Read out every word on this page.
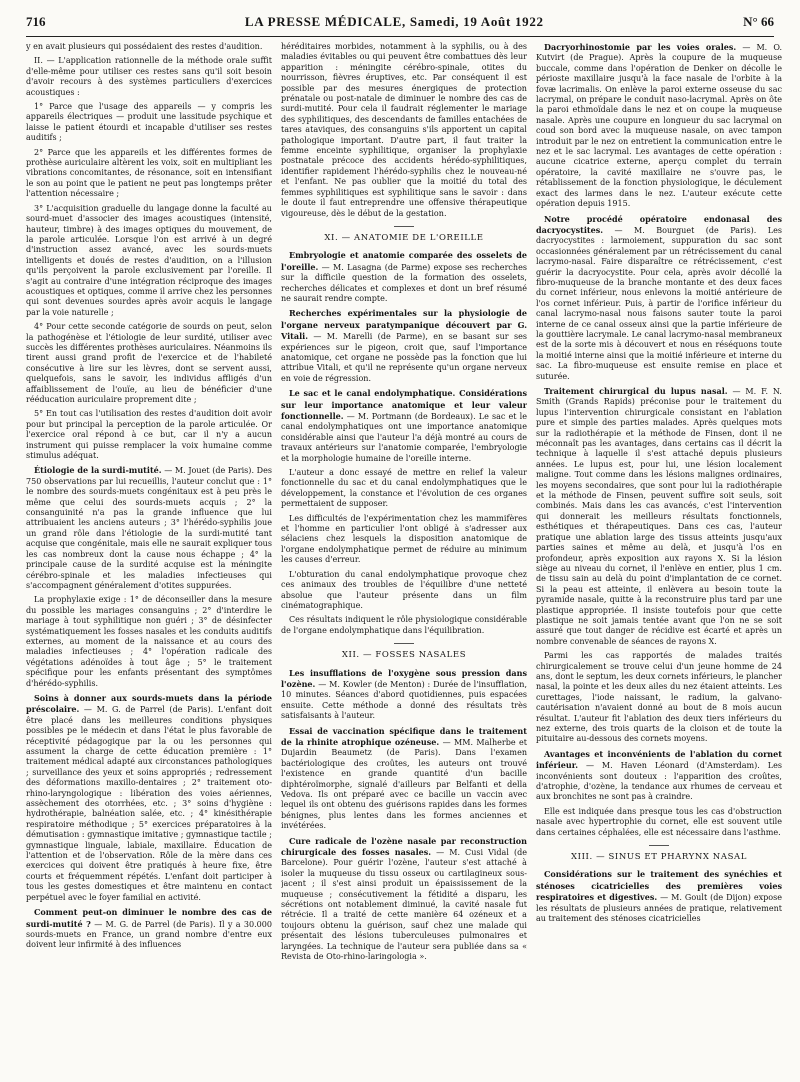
716	LA PRESSE MÉDICALE, Samedi, 19 Août 1922	N° 66

y en avait plusieurs qui possédaient des restes d'audition.

II. — L'application rationnelle de la méthode orale suffit d'elle-même pour utiliser ces restes sans qu'il soit besoin d'avoir recours à des systèmes particuliers d'exercices acoustiques :

1° Parce que l'usage des appareils — y compris les appareils électriques — produit une lassitude psychique et laisse le patient étourdi et incapable d'utiliser ses restes auditifs ;

2° Parce que les appareils et les différentes formes de prothèse auriculaire altèrent les voix, soit en multipliant les vibrations concomitantes, de résonance, soit en intensifiant le son au point que le patient ne peut pas longtemps prêter l'attention nécessaire ;

3° L'acquisition graduelle du langage donne la faculté au sourd-muet d'associer des images acoustiques (intensité, hauteur, timbre) à des images optiques du mouvement, de la parole articulée. Lorsque l'on est arrivé à un degré d'instruction assez avancé, avec les sourds-muets intelligents et doués de restes d'audition, on a l'illusion qu'ils perçoivent la parole exclusivement par l'oreille. Il s'agit au contraire d'une intégration réciproque des images acoustiques et optiques, comme il arrive chez les personnes qui sont devenues sourdes après avoir acquis le langage par la voie naturelle ;

4° Pour cette seconde catégorie de sourds on peut, selon la pathogénèse et l'étiologie de leur surdité, utiliser avec succès les différentes prothèses auriculaires. Néanmoins ils tirent aussi grand profit de l'exercice et de l'habileté consécutive à lire sur les lèvres, dont se servent aussi, quelquefois, sans le savoir, les individus affligés d'un affaiblissement de l'ouïe, au lieu de bénéficier d'une rééducation auriculaire proprement dite ;

5° En tout cas l'utilisation des restes d'audition doit avoir pour but principal la perception de la parole articulée. Or l'exercice oral répond à ce but, car il n'y a aucun instrument qui puisse remplacer la voix humaine comme stimulus adéquat.

Étiologie de la surdi-mutité. — M. Jouet (de Paris). Des 750 observations par lui recueillis, l'auteur conclut que : 1° le nombre des sourds-muets congénitaux est à peu près le même que celui des sourds-muets acquis ; 2° la consanguinité n'a pas la grande influence que lui attribuaient les anciens auteurs ; 3° l'hérédo-syphilis joue un grand rôle dans l'étiologie de la surdi-mutité tant acquise que congénitale, mais elle ne saurait expliquer tous les cas nombreux dont la cause nous échappe ; 4° la principale cause de la surdité acquise est la méningite cérébro-spinale et les maladies infectieuses qui s'accompagnent généralement d'otites suppurées.

La prophylaxie exige : 1° de déconseiller dans la mesure du possible les mariages consanguins ; 2° d'interdire le mariage à tout syphilitique non guéri ; 3° de désinfecter systématiquement les fosses nasales et les conduits auditifs externes, au moment de la naissance et au cours des maladies infectieuses ; 4° l'opération radicale des végétations adénoïdes à tout âge ; 5° le traitement spécifique pour les enfants présentant des symptômes d'hérédo-syphilis.

Soins à donner aux sourds-muets dans la période préscolaire. — M. G. de Parrel (de Paris). L'enfant doit être placé dans les meilleures conditions physiques possibles pe le médecin et dans l'état le plus favorable de réceptivité pédagogique par la ou les personnes qui assument la charge de cette éducation première : 1° traitement médical adapté aux circonstances pathologiques ; surveillance des yeux et soins appropriés ; redressement des déformations maxillo-dentaires ; 2° traitement oto-rhino-laryngologique : libération des voies aériennes, assèchement des otorrhées, etc. ; 3° soins d'hygiène : hydrothérapie, balnéation salée, etc. ; 4° kinésithérapie respiratoire méthodique ; 5° exercices préparatoires à la démutisation : gymnastique imitative ; gymnastique tactile ; gymnastique linguale, labiale, maxillaire. Éducation de l'attention et de l'observation. Rôle de la mère dans ces exercices qui doivent être pratiqués à heure fixe, être courts et fréquemment répétés. L'enfant doit participer à tous les gestes domestiques et être maintenu en contact perpétuel avec le foyer familial en activité.

Comment peut-on diminuer le nombre des cas de surdi-mutité ? — M. G. de Parrel (de Paris). Il y a 30.000 sourds-muets en France, un grand nombre d'entre eux doivent leur infirmité à des influences

héréditaires morbides, notamment à la syphilis, ou à des maladies évitables ou qui peuvent être combattues dès leur apparition : méningite cérébro-spinale, otites du nourrisson, fièvres éruptives, etc. Par conséquent il est possible par des mesures énergiques de protection prénatale ou post-natale de diminuer le nombre des cas de surdi-mutité. Pour cela il faudrait réglementer le mariage des syphilitiques, des descendants de familles entachées de tares ataviques, des consanguins s'ils apportent un capital pathologique important. D'autre part, il faut traiter la femme enceinte syphilitique, organiser la prophylaxie postnatale précoce des accidents hérédo-syphilitiques, identifier rapidement l'hérédo-syphilis chez le nouveau-né et l'enfant. Ne pas oublier que la moitié du total des femmes syphilitiques est syphilitique sans le savoir : dans le doute il faut entreprendre une offensive thérapeutique vigoureuse, dès le début de la gestation.

XI. — ANATOMIE DE L'OREILLE

Embryologie et anatomie comparée des osselets de l'oreille. — M. Lasagna (de Parme) expose ses recherches sur la difficile question de la formation des osselets, recherches délicates et complexes et dont un bref résumé ne saurait rendre compte.

Recherches expérimentales sur la physiologie de l'organe nerveux paratympanique découvert par G. Vitali. — M. Marelli (de Parme), en se basant sur ses expériences sur le pigeon, croit que, sauf l'importance anatomique, cet organe ne possède pas la fonction que lui attribue Vitali, et qu'il ne représente qu'un organe nerveux en voie de régression.

Le sac et le canal endolymphatique. Considérations sur leur importance anatomique et leur valeur fonctionnelle. — M. Portmann (de Bordeaux). Le sac et le canal endolymphatiques ont une importance anatomique considérable ainsi que l'auteur l'a déjà montré au cours de travaux antérieurs sur l'anatomie comparée, l'embryologie et la morphologie humaine de l'oreille interne.

L'auteur a donc essayé de mettre en relief la valeur fonctionnelle du sac et du canal endolymphatiques que le développement, la constance et l'évolution de ces organes permettaient de supposer.

Les difficultés de l'expérimentation chez les mammifères et l'homme en particulier l'ont obligé à s'adresser aux sélaciens chez lesquels la disposition anatomique de l'organe endolymphatique permet de réduire au minimum les causes d'erreur.

L'obturation du canal endolymphatique provoque chez ces animaux des troubles de l'équilibre d'une netteté absolue que l'auteur présente dans un film cinématographique.

Ces résultats indiquent le rôle physiologique considérable de l'organe endolymphatique dans l'équilibration.

XII. — FOSSES NASALES

Les insufflations de l'oxygène sous pression dans l'ozène. — M. Kowler (de Menton) : Durée de l'insufflation, 10 minutes. Séances d'abord quotidiennes, puis espacées ensuite. Cette méthode a donné des résultats très satisfaisants à l'auteur.

Essai de vaccination spécifique dans le traitement de la rhinite atrophique ozéneuse. — MM. Malherbe et Dujardin Beaumetz (de Paris). Dans l'examen bactériologique des croûtes, les auteurs ont trouvé l'existence en grande quantité d'un bacille diphtéroïmorphe, signalé d'ailleurs par Belfanti et della Vedova. Ils ont préparé avec ce bacille un vaccin avec lequel ils ont obtenu des guérisons rapides dans les formes bénignes, plus lentes dans les formes anciennes et invétérées.

Cure radicale de l'ozène nasale par reconstruction chirurgicale des fosses nasales. — M. Cusi Vidal (de Barcelone). Pour guérir l'ozène, l'auteur s'est attaché à isoler la muqueuse du tissu osseux ou cartilagineux sous-jacent ; il s'est ainsi produit un épaississement de la muqueuse ; consécutivement la fétidité a disparu, les sécrétions ont notablement diminué, la cavité nasale fut rétrécie. Il a traité de cette manière 64 ozéneux et a toujours obtenu la guérison, sauf chez une malade qui présentait des lésions tuberculeuses pulmonaires et laryngées. La technique de l'auteur sera publiée dans sa « Revista de Oto-rhino-laringologia ».

Dacryorhinostomie par les voies orales. — M. O. Kutvirt (de Prague). Après la coupure de la muqueuse buccale, comme dans l'opération de Denker on décolle le périoste maxillaire jusqu'à la face nasale de l'orbite à la fovæ lacrimalis. On enlève la paroi externe osseuse du sac lacrymal, on prépare le conduit naso-lacrymal. Après on ôte la paroi ethmoïdale dans le nez et on coupe la muqueuse nasale. Après une coupure en longueur du sac lacrymal on coud son bord avec la muqueuse nasale, on avec tampon introduit par le nez on entretient la communication entre le nez et le sac lacrymal. Les avantages de cette opération : aucune cicatrice externe, aperçu complet du terrain opératoire, la cavité maxillaire ne s'ouvre pas, le rétablissement de la fonction physiologique, le déculement exact des larmes dans le nez. L'auteur exécute cette opération depuis 1915.

Notre procédé opératoire endonasal des dacryocystites. — M. Bourguet (de Paris). Les dacryocystites : larmoiement, suppuration du sac sont occasionnées généralement par un rétrécissement du canal lacrymo-nasal. Faire disparaître ce rétrécissement, c'est guérir la dacryocystite. Pour cela, après avoir décollé la fibro-muqueuse de la branche montante et des deux faces du cornet inférieur, nous enlevons la moitié antérieure de l'os cornet inférieur. Puis, à partir de l'orifice inférieur du canal lacrymo-nasal nous faisons sauter toute la paroi interne de ce canal osseux ainsi que la partie inférieure de la gouttière lacrymale. Le canal lacrymo-nasal membraneux est de la sorte mis à découvert et nous en réséquons toute la moitié interne ainsi que la moitié inférieure et interne du sac. La fibro-muqueuse est ensuite remise en place et suturée.

Traitement chirurgical du lupus nasal. — M. F. N. Smith (Grands Rapids) préconise pour le traitement du lupus l'intervention chirurgicale consistant en l'ablation pure et simple des parties malades. Après quelques mots sur la radiothérapie et la méthode de Finsen, dont il ne méconnaît pas les avantages, dans certains cas il décrit la technique à laquelle il s'est attaché depuis plusieurs années. Le lupus est, pour lui, une lésion localement maligne. Tout comme dans les lésions malignes ordinaires, les moyens secondaires, que sont pour lui la radiothérapie et la méthode de Finsen, peuvent suffire soit seuls, soit combinés. Mais dans les cas avancés, c'est l'intervention qui donnerait les meilleurs résultats fonctionnels, esthétiques et thérapeutiques. Dans ces cas, l'auteur pratique une ablation large des tissus atteints jusqu'aux parties saines et même au delà, et jusqu'à l'os en profondeur, après exposition aux rayons X. Si la lésion siège au niveau du cornet, il l'enlève en entier, plus 1 cm. de tissu sain au delà du point d'implantation de ce cornet. Si la peau est atteinte, il enlèvera au besoin toute la pyramide nasale, quitte à la reconstruire plus tard par une plastique appropriée. Il insiste toutefois pour que cette plastique ne soit jamais tentée avant que l'on ne se soit assuré que tout danger de récidive est écarté et après un nombre convenable de séances de rayons X.

Parmi les cas rapportés de malades traités chirurgicalement se trouve celui d'un jeune homme de 24 ans, dont le septum, les deux cornets inférieurs, le plancher nasal, la pointe et les deux ailes du nez étaient atteints. Les curettages, l'iode naissant, le radium, la galvano-cautérisation n'avaient donné au bout de 8 mois aucun résultat. L'auteur fit l'ablation des deux tiers inférieurs du nez externe, des trois quarts de la cloison et de toute la pituitaire au-dessous des cornets moyens.

Avantages et inconvénients de l'ablation du cornet inférieur. — M. Haven Léonard (d'Amsterdam). Les inconvénients sont douteux : l'apparition des croûtes, d'atrophie, d'ozène, la tendance aux rhumes de cerveau et aux bronchites ne sont pas à craindre.

Elle est indiquée dans presque tous les cas d'obstruction nasale avec hypertrophie du cornet, elle est souvent utile dans certaines céphalées, elle est nécessaire dans l'asthme.

XIII. — SINUS ET PHARYNX NASAL

Considérations sur le traitement des synéchies et sténoses cicatricielles des premières voies respiratoires et digestives. — M. Goult (de Dijon) expose les résultats de plusieurs années de pratique, relativement au traitement des sténoses cicatricielles
